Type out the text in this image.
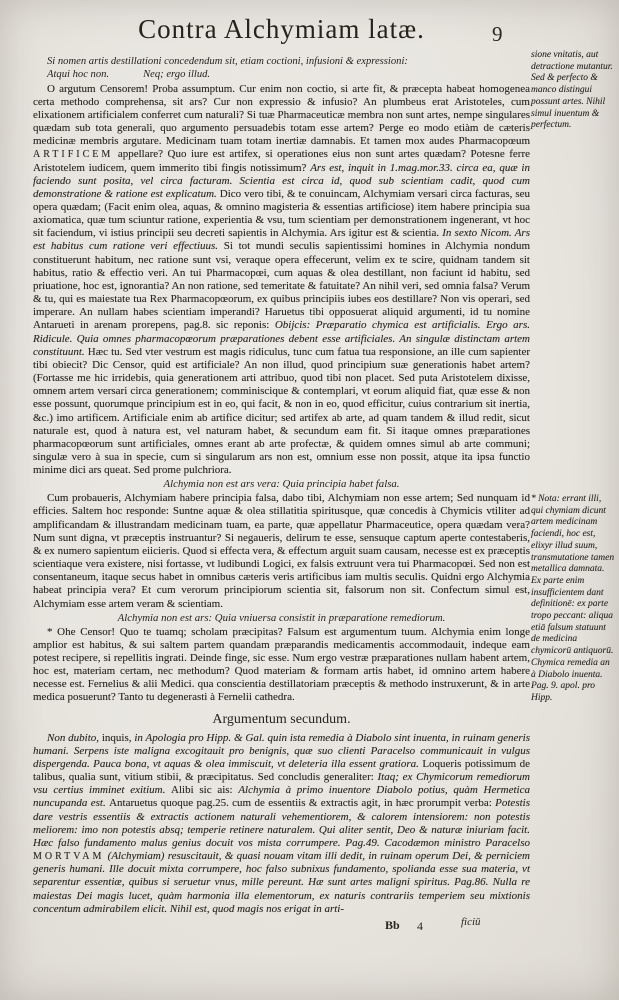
Contra Alchymiam latæ.	9
Si nomen artis destillationi concedendum sit, etiam coctioni, infusioni & expressioni:
Atqui hoc non.	Neq; ergo illud.

O argutum Censorem! Proba assumptum. Cur enim non coctio, si arte fit, & præcepta habeat homogenea certa methodo comprehensa, sit ars? Cur non expressio & infusio? An plumbeus erat Aristoteles, cum elixationem artificialem conferret cum naturali? Si tuæ Pharmaceuticæ membra non sunt artes, nempe singulares quædam sub tota generali, quo argumento persuadebis totam esse artem? Perge eo modo etiàm de cæteris medicinæ membris argutare. Medicinam tuam totam inertiæ damnabis. Et tamen mox audes Pharmacopœum ARTIFICEM appellare? Quo iure est artifex, si operationes eius non sunt artes quædam? Potesne ferre Aristotelem iudicem, quem immerito tibi fingis notissimum? Ars est, inquit in 1.mag.mor.33. circa ea, quæ in faciendo sunt posita, vel circa facturam. Scientia est circa id, quod sub scientiam cadit, quod cum demonstratione & ratione est explicatum. Dico vero tibi, & te conuincam, Alchymiam versari circa facturas, seu opera quædam; (Facit enim olea, aquas, & omnino magisteria & essentias artificiose) item habere principia sua axiomatica, quæ tum sciuntur ratione, experientia & vsu, tum scientiam per demonstrationem ingenerant, vt hoc sit faciendum, vi istius principii seu decreti sapientis in Alchymia. Ars igitur est & scientia. In sexto Nicom. Ars est habitus cum ratione veri effectiuus. Si tot mundi seculis sapientissimi homines in Alchymia nondum constituerunt habitum, nec ratione sunt vsi, veraque opera effecerunt, velim ex te scire, quidnam tandem sit habitus, ratio & effectio veri. An tui Pharmacopœi, cum aquas & olea destillant, non faciunt id habitu, sed priuatione, hoc est, ignorantia? An non ratione, sed temeritate & fatuitate? An nihil veri, sed omnia falsa? Verum & tu, qui es maiestate tua Rex Pharmacopœorum, ex quibus principiis iubes eos destillare? Non vis operari, sed imperare. An nullam habes scientiam imperandi? Haruetus tibi opposuerat aliquid argumenti, id tu nomine Antarueti in arenam prorepens, pag.8. sic reponis: Obijcis: Præparatio chymica est artificialis. Ergo ars. Ridicule. Quia omnes pharmacopœorum præparationes debent esse artificiales. An singulæ distinctam artem constituunt. Hæc tu. Sed vter vestrum est magis ridiculus, tunc cum fatua tua responsione, an ille cum sapienter tibi obiecit? Dic Censor, quid est artificiale? An non illud, quod principium suæ generationis habet artem? (Fortasse me hic irridebis, quia generationem arti attribuo, quod tibi non placet. Sed puta Aristotelem dixisse, omnem artem versari circa generationem; comminiscique & contemplari, vt eorum aliquid fiat, quæ esse & non esse possunt, quorumque principium est in eo, qui facit, & non in eo, quod efficitur, cuius contrarium sit inertia, &c.) imo artificem. Artificiale enim ab artifice dicitur; sed artifex ab arte, ad quam tandem & illud redit, sicut naturale est, quod à natura est, vel naturam habet, & secundum eam fit. Si itaque omnes præparationes pharmacopœorum sunt artificiales, omnes erant ab arte profectæ, & quidem omnes simul ab arte communi; singulæ vero à sua in specie, cum si singularum ars non est, omnium esse non possit, atque ita ipsa functio minime dici ars queat. Sed prome pulchriora.

Alchymia non est ars vera: Quia principia habet falsa.

Cum probaueris, Alchymiam habere principia falsa, dabo tibi, Alchymiam non esse artem; Sed nunquam id efficies. Saltem hoc responde: Suntne aquæ & olea stillatitia spiritusque, quæ concedis à Chymicis vtiliter ad amplificandam & illustrandam medicinam tuam, ea parte, quæ appellatur Pharmaceutice, opera quædam vera? Num sunt digna, vt præceptis instruantur? Si negaueris, delirum te esse, sensuque captum aperte contestaberis, & ex numero sapientum eiicieris. Quod si effecta vera, & effectum arguit suam causam, necesse est ex præceptis scientiaque vera existere, nisi fortasse, vt ludibundi Logici, ex falsis extruunt vera tui Pharmacopœi. Sed non est consentaneum, itaque secus habet in omnibus cæteris veris artificibus iam multis seculis. Quidni ergo Alchymia habeat principia vera? Et cum verorum principiorum scientia sit, falsorum non sit. Confectum simul est, Alchymiam esse artem veram & scientiam.

Alchymia non est ars: Quia vniuersa consistit in præparatione remediorum.

* Ohe Censor! Quo te tuamq; scholam præcipitas? Falsum est argumentum tuum. Alchymia enim longe amplior est habitus, & sui saltem partem quandam præparandis medicamentis accommodauit, indeque eam potest recipere, si repellitis ingrati. Deinde finge, sic esse. Num ergo vestræ præparationes nullam habent artem, hoc est, materiam certam, nec methodum? Quod materiam & formam artis habet, id omnino artem habere necesse est. Fernelius & alii Medici. qua conscientia destillatoriam præceptis & methodo instruxerunt, & in arte medica posuerunt? Tanto tu degenerasti à Fernelii cathedra.

Argumentum secundum.

Non dubito, inquis, in Apologia pro Hipp. & Gal. quin ista remedia à Diabolo sint inuenta, in ruinam generis humani. Serpens iste maligna excogitauit pro benignis, quæ suo clienti Paracelso communicauit in vulgus dispergenda. Pauca bona, vt aquas & olea immiscuit, vt deleteria illa essent gratiora. Loqueris potissimum de talibus, qualia sunt, vitium stibii, & præcipitatus. Sed concludis generaliter: Itaq; ex Chymicorum remediorum vsu certius imminet exitium. Alibi sic ais: Alchymia à primo inuentore Diabolo potius, quàm Hermetica nuncupanda est. Antaruetus quoque pag.25. cum de essentiis & extractis agit, in hæc prorumpit verba: Potestis dare vestris essentiis & extractis actionem naturali vehementiorem, & calorem intensiorem: non potestis meliorem: imo non potestis absq; temperie retinere naturalem. Qui aliter sentit, Deo & naturæ iniuriam facit. Hæc falso fundamento malus genius docuit vos mista corrumpere. Pag.49. Cacodæmon ministro Paracelso MORTVAM (Alchymiam) resuscitauit, & quasi nouam vitam illi dedit, in ruinam operum Dei, & perniciem generis humani. Ille docuit mixta corrumpere, hoc falso subnixus fundamento, spolianda esse sua materia, vt separentur essentiæ, quibus si seruetur vnus, mille pereunt. Hæ sunt artes maligni spiritus. Pag.86. Nulla re maiestas Dei magis lucet, quàm harmonia illa elementorum, ex naturis contrariis temperiem seu mixtionis concentum admirabilem elicit. Nihil est, quod magis nos erigat in arti-

Bb 4	ficiū
sione vnitatis, aut detractione mutantur. Sed & perfecto & manco distingui possunt artes. Nihil simul inuentum & perfectum.
* Nota: errant illi, qui chymiam dicunt artem medicinam faciendi, hoc est, elixyr illud suum, transmutatione tamen metallica damnata. Ex parte enim insufficientem dant definitionē: ex parte tropo peccant: aliqua etiā falsum statuunt de medicina chymicorū antiquorū. Chymica remedia an à Diabolo inuenta. Pag. 9. apol. pro Hipp.
